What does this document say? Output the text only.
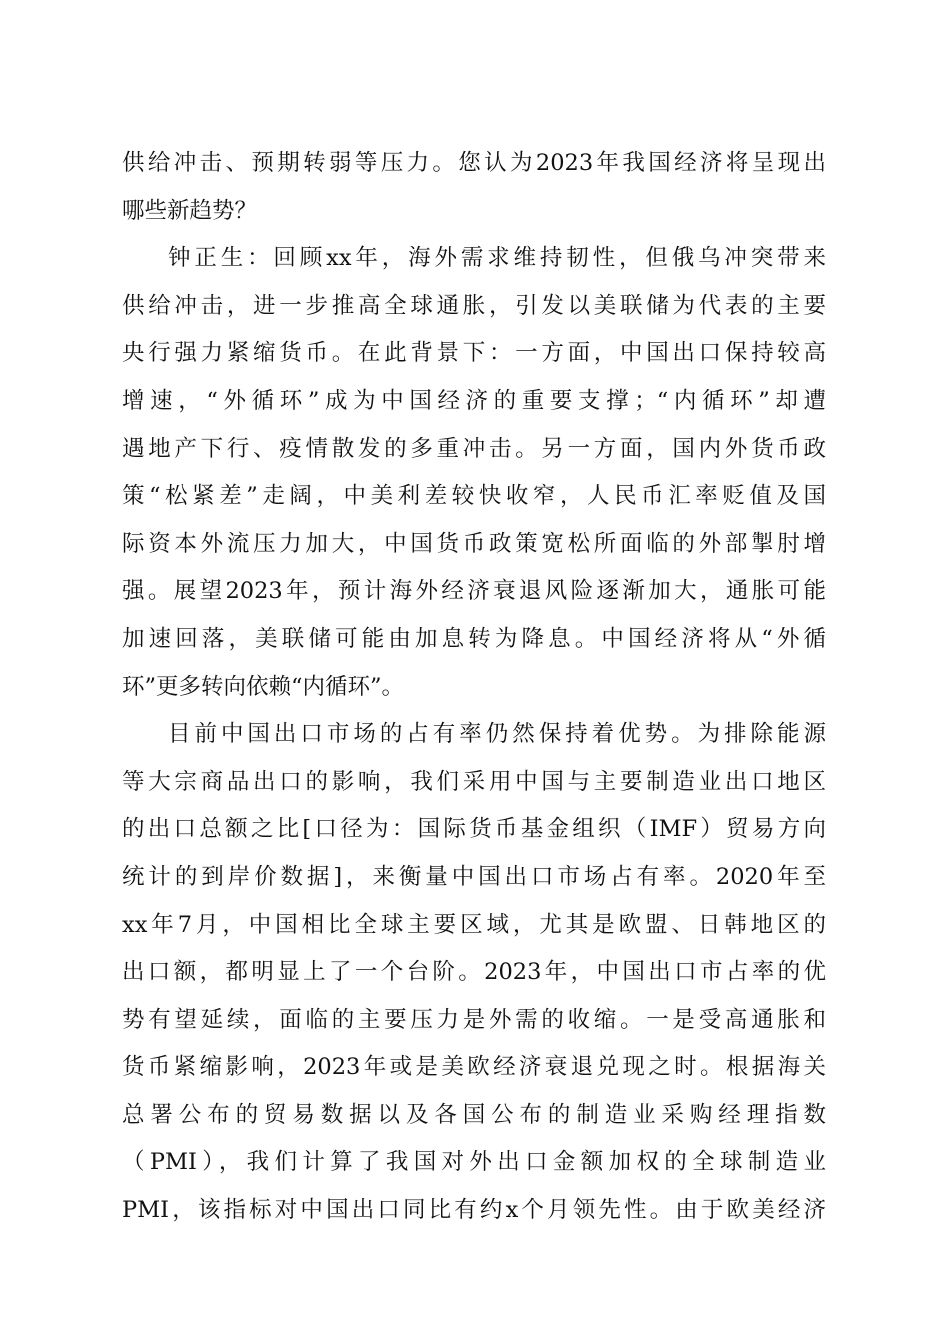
供给冲击、预期转弱等压力。您认为2023年我国经济将呈现出
哪些新趋势？
钟正生：回顾xx年，海外需求维持韧性，但俄乌冲突带来
供给冲击，进一步推高全球通胀，引发以美联储为代表的主要
央行强力紧缩货币。在此背景下：一方面，中国出口保持较高
增速，“外循环”成为中国经济的重要支撑；“内循环”却遭
遇地产下行、疫情散发的多重冲击。另一方面，国内外货币政
策“松紧差”走阔，中美利差较快收窄，人民币汇率贬值及国
际资本外流压力加大，中国货币政策宽松所面临的外部掣肘增
强。展望2023年，预计海外经济衰退风险逐渐加大，通胀可能
加速回落，美联储可能由加息转为降息。中国经济将从“外循
环”更多转向依赖“内循环”。
目前中国出口市场的占有率仍然保持着优势。为排除能源
等大宗商品出口的影响，我们采用中国与主要制造业出口地区
的出口总额之比[口径为：国际货币基金组织（IMF）贸易方向
统计的到岸价数据]，来衡量中国出口市场占有率。2020年至
xx年7月，中国相比全球主要区域，尤其是欧盟、日韩地区的
出口额，都明显上了一个台阶。2023年，中国出口市占率的优
势有望延续，面临的主要压力是外需的收缩。一是受高通胀和
货币紧缩影响，2023年或是美欧经济衰退兑现之时。根据海关
总署公布的贸易数据以及各国公布的制造业采购经理指数
（PMI），我们计算了我国对外出口金额加权的全球制造业
PMI，该指标对中国出口同比有约x个月领先性。由于欧美经济
